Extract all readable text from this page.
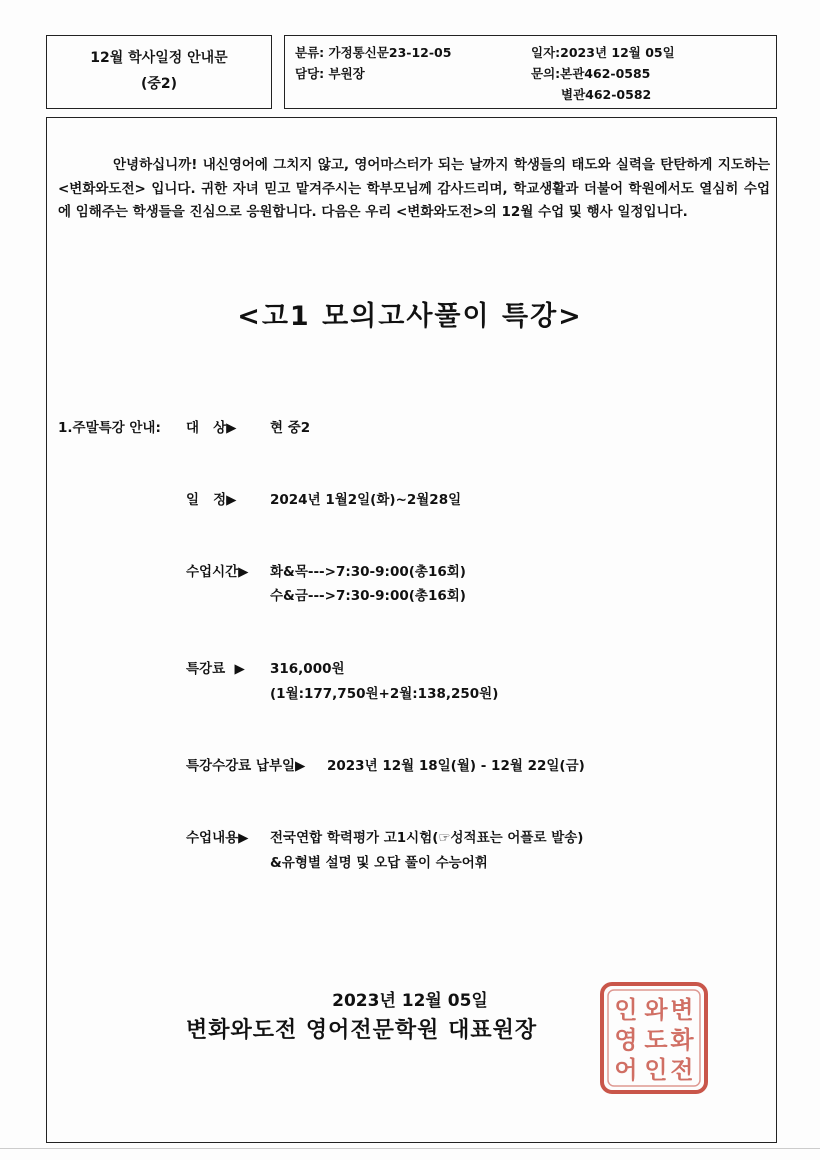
12월 학사일정 안내문
(중2)
분류: 가정통신문23-12-05	일자:2023년 12월 05일
담당: 부원장	문의:본관462-0585
별관462-0582

안녕하십니까! 내신영어에 그치지 않고, 영어마스터가 되는 날까지 학생들의 태도와 실력을 탄탄하게 지도하는 <변화와도전> 입니다. 귀한 자녀 믿고 맡겨주시는 학부모님께 감사드리며, 학교생활과 더불어 학원에서도 열심히 수업에 임해주는 학생들을 진심으로 응원합니다. 다음은 우리 <변화와도전>의 12월 수업 및 행사 일정입니다.

<고1 모의고사풀이 특강>
1.주말특강 안내: 대   상▶ 현 중2
일   정▶ 2024년 1월2일(화)~2월28일
수업시간▶ 화&목--->7:30-9:00(총16회)
수&금--->7:30-9:00(총16회)
특강료  ▶ 316,000원
(1월:177,750원+2월:138,250원)
특강수강료 납부일▶ 2023년 12월 18일(월) - 12월 22일(금)
수업내용▶ 전국연합 학력평가 고1시험(☞성적표는 어플로 발송)
&유형별 설명 및 오답 풀이 수능어휘
2023년 12월 05일
변화와도전 영어전문학원 대표원장
와 변
도 화
인 전
인
영
어
